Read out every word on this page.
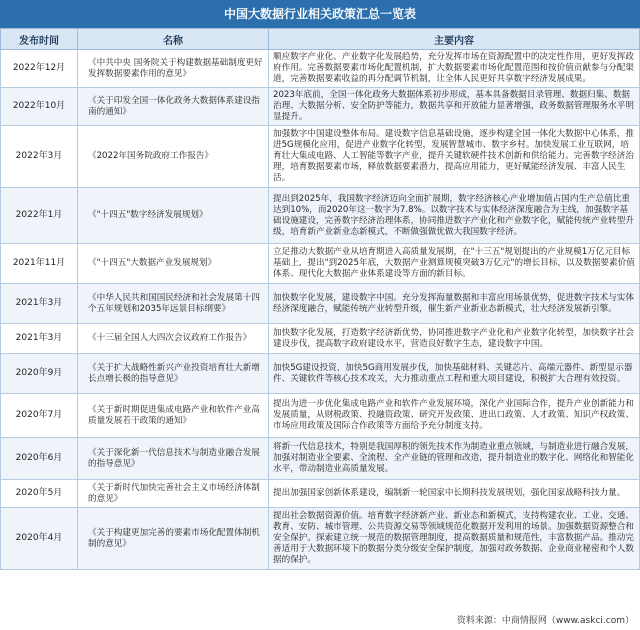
中国大数据行业相关政策汇总一览表
发布时间	名称	主要内容
2022年12月	《中共中央 国务院关于构建数据基础制度更好发挥数据要素作用的意见》	顺应数字产业化、产业数字化发展趋势，充分发挥市场在资源配置中的决定性作用，更好发挥政府作用。完善数据要素市场化配置机制，扩大数据要素市场化配置范围和按价值贡献参与分配渠道，完善数据要素收益的再分配调节机制，让全体人民更好共享数字经济发展成果。
2022年10月	《关于印发全国一体化政务大数据体系建设指南的通知》	2023年底前，全国一体化政务大数据体系初步形成，基本具备数据目录管理、数据归集、数据治理、大数据分析、安全防护等能力，数据共享和开放能力显著增强，政务数据管理服务水平明显提升。
2022年3月	《2022年国务院政府工作报告》	加强数字中国建设整体布局。建设数字信息基础设施，逐步构建全国一体化大数据中心体系，推进5G规模化应用，促进产业数字化转型，发展智慧城市、数字乡村。加快发展工业互联网，培育壮大集成电路、人工智能等数字产业，提升关键软硬件技术创新和供给能力。完善数字经济治理，培育数据要素市场，释放数据要素潜力，提高应用能力，更好赋能经济发展、丰富人民生活。
2022年1月	《"十四五"数字经济发展规划》	提出到2025年，我国数字经济迈向全面扩展期，数字经济核心产业增加值占国内生产总值比重达到10%，而2020年这一数字为7.8%。以数字技术与实体经济深度融合为主线，加强数字基础设施建设，完善数字经济治理体系，协同推进数字产业化和产业数字化，赋能传统产业转型升级，培育新产业新业态新模式，不断做强做优做大我国数字经济。
2021年11月	《"十四五"大数据产业发展规划》	立足推动大数据产业从培育期进入高质量发展期，在"十三五"规划提出的产业规模1万亿元目标基础上，提出"到2025年底，大数据产业测算规模突破3万亿元"的增长目标，以及数据要素价值体系、现代化大数据产业体系建设等方面的新目标。
2021年3月	《中华人民共和国国民经济和社会发展第十四个五年规划和2035年远景目标纲要》	加快数字化发展，建设数字中国。充分发挥海量数据和丰富应用场景优势，促进数字技术与实体经济深度融合，赋能传统产业转型升级，催生新产业新业态新模式，壮大经济发展新引擎。
2021年3月	《十三届全国人大四次会议政府工作报告》	加快数字化发展，打造数字经济新优势，协同推进数字产业化和产业数字化转型，加快数字社会建设步伐，提高数字政府建设水平，营造良好数字生态，建设数字中国。
2020年9月	《关于扩大战略性新兴产业投资培育壮大新增长点增长极的指导意见》	加快5G建设投资，加快5G商用发展步伐，加快基础材料、关键芯片、高端元器件、新型显示器件、关键软件等核心技术攻关，大力推动重点工程和重大项目建设，积极扩大合理有效投资。
2020年7月	《关于新时期促进集成电路产业和软件产业高质量发展若干政策的通知》	提出为进一步优化集成电路产业和软件产业发展环境，深化产业国际合作，提升产业创新能力和发展质量，从财税政策、投融资政策、研究开发政策、进出口政策、人才政策、知识产权政策、市场应用政策及国际合作政策等方面给予充分制度支持。
2020年6月	《关于深化新一代信息技术与制造业融合发展的指导意见》	将新一代信息技术，特别是我国厚积的领先技术作为制造业重点领域，与制造业进行融合发展，加强对制造业全要素、全流程、全产业链的管理和改造，提升制造业的数字化、网络化和智能化水平，带动制造业高质量发展。
2020年5月	《关于新时代加快完善社会主义市场经济体制的意见》	提出加强国家创新体系建设，编制新一轮国家中长期科技发展规划，强化国家战略科技力量。
2020年4月	《关于构建更加完善的要素市场化配置体制机制的意见》	提出社会数据资源价值。培育数字经济新产业、新业态和新模式，支持构建农业、工业、交通、教育、安防、城市管理、公共资源交易等领域规范化数据开发利用的场景。加强数据资源整合和安全保护。探索建立统一规范的数据管理制度，提高数据质量和规范性，丰富数据产品。推动完善适用于大数据环境下的数据分类分级安全保护制度，加强对政务数据、企业商业秘密和个人数据的保护。
资料来源：中商情报网（www.askci.com）
